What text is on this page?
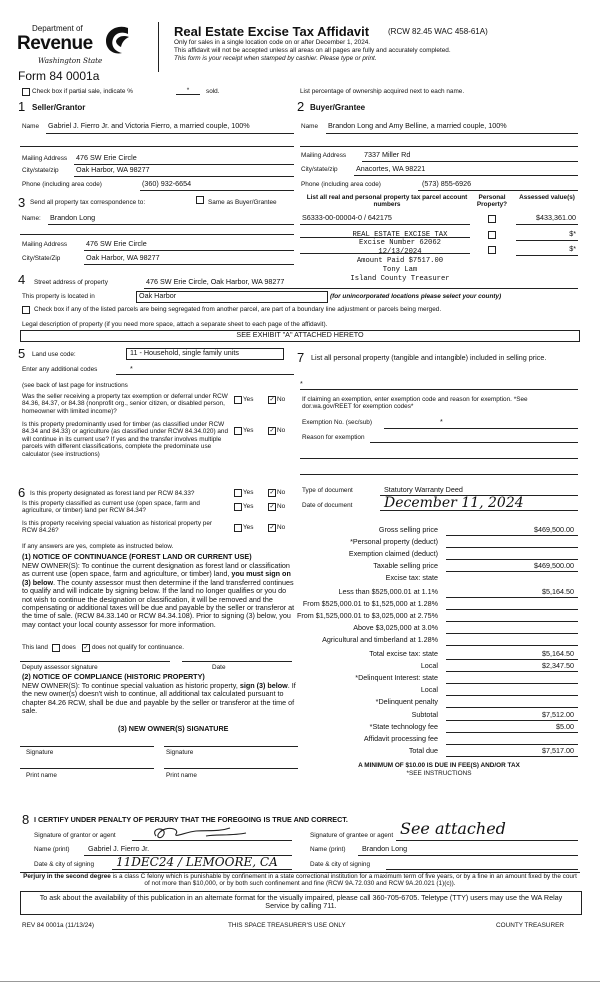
Department of
Revenue
Washington State
Form 84 0001a
Real Estate Excise Tax Affidavit (RCW 82.45 WAC 458-61A)
Only for sales in a single location code on or after December 1, 2024.
This affidavit will not be accepted unless all areas on all pages are fully and accurately completed.
This form is your receipt when stamped by cashier. Please type or print.
Check box if partial sale, indicate %	*	sold.	List percentage of ownership acquired next to each name.
1 Seller/Grantor
Name Gabriel J. Fierro Jr. and Victoria Fierro, a married couple, 100%
Mailing Address 476 SW Erie Circle
City/state/zip Oak Harbor, WA 98277
Phone (including area code)	(360) 932-6654
2 Buyer/Grantee
Name Brandon Long and Amy Belline, a married couple, 100%
Mailing Address 7337 Miller Rd
City/state/zip	Anacortes, WA 98221
Phone (including area code)	(573) 855-6926
3 Send all property tax correspondence to:	Same as Buyer/Grantee
Name: Brandon Long
Mailing Address	476 SW Erie Circle
City/State/Zip	Oak Harbor, WA 98277
List all real and personal property tax parcel account numbers
Personal Property?
Assessed value(s)
S6333-00-00004-0 / 642175	$433,361.00
$*
$*
REAL ESTATE EXCISE TAX
Excise Number 62062
12/13/2024
Amount Paid $7517.00
Tony Lam
Island County Treasurer
4 Street address of property	476 SW Erie Circle, Oak Harbor, WA 98277
This property is located in	Oak Harbor	(for unincorporated locations please select your county)
Check box if any of the listed parcels are being segregated from another parcel, are part of a boundary line adjustment or parcels being merged.
Legal description of property (if you need more space, attach a separate sheet to each page of the affidavit).
SEE EXHIBIT "A" ATTACHED HERETO
5 Land use code:	11 - Household, single family units
Enter any additional codes	*
(see back of last page for instructions
Was the seller receiving a property tax exemption or deferral under RCW 84.36, 84.37, or 84.38 (nonprofit org., senior citizen, or disabled person, homeowner with limited income)?
Yes	✓ No
Is this property predominantly used for timber (as classified under RCW 84.34 and 84.33) or agriculture (as classified under RCW 84.34.020) and will continue in its current use? If yes and the transfer involves multiple parcels with different classifications, complete the predominate use calculator (see instructions)
Yes	✓ No
7 List all personal property (tangible and intangible) included in selling price.
*
If claiming an exemption, enter exemption code and reason for exemption. *See dor.wa.gov/REET for exemption codes*
Exemption No. (sec/sub)	*
Reason for exemption
6 Is this property designated as forest land per RCW 84.33?	Yes	✓ No
Is this property classified as current use (open space, farm and agriculture, or timber) land per RCW 84.34?
Yes	✓ No
Is this property receiving special valuation as historical property per RCW 84.26?	Yes	✓ No
If any answers are yes, complete as instructed below.
(1) NOTICE OF CONTINUANCE (FOREST LAND OR CURRENT USE)
NEW OWNER(S): To continue the current designation as forest land or classification as current use (open space, farm and agriculture, or timber) land, you must sign on (3) below. The county assessor must then determine if the land transferred continues to qualify and will indicate by signing below. If the land no longer qualifies or you do not wish to continue the designation or classification, it will be removed and the compensating or additional taxes will be due and payable by the seller or transferor at the time of sale. (RCW 84.33.140 or RCW 84.34.108). Prior to signing (3) below, you may contact your local county assessor for more information.
This land does ✓ does not qualify for continuance.
Deputy assessor signature	Date
(2) NOTICE OF COMPLIANCE (HISTORIC PROPERTY)
NEW OWNER(S): To continue special valuation as historic property, sign (3) below. If the new owner(s) doesn't wish to continue, all additional tax calculated pursuant to chapter 84.26 RCW, shall be due and payable by the seller or transferor at the time of sale.
(3) NEW OWNER(S) SIGNATURE
Signature	Signature
Print name	Print name
Type of document	Statutory Warranty Deed
Date of document December 11, 2024
Gross selling price	$469,500.00
*Personal property (deduct)
Exemption claimed (deduct)
Taxable selling price	$469,500.00
Excise tax: state
Less than $525,000.01 at 1.1%	$5,164.50
From $525,000.01 to $1,525,000 at 1.28%
From $1,525,000.01 to $3,025,000 at 2.75%
Above $3,025,000 at 3.0%
Agricultural and timberland at 1.28%
Total excise tax: state	$5,164.50
Local	$2,347.50
*Delinquent Interest: state
Local
*Delinquent penalty
Subtotal	$7,512.00
*State technology fee	$5.00
Affidavit processing fee
Total due	$7,517.00
A MINIMUM OF $10.00 IS DUE IN FEE(S) AND/OR TAX
*SEE INSTRUCTIONS
8 I CERTIFY UNDER PENALTY OF PERJURY THAT THE FOREGOING IS TRUE AND CORRECT.
Signature of grantor or agent	Signature of grantee or agent See attached
Name (print)	Gabriel J. Fierro Jr.	Name (print) Brandon Long
Date & city of signing 11DEC24 / LEMOORE, CA	Date & city of signing
Perjury in the second degree is a class C felony which is punishable by confinement in a state correctional institution for a maximum term of five years, or by a fine in an amount fixed by the court of not more than $10,000, or by both such confinement and fine (RCW 9A.72.030 and RCW 9A.20.021 (1)(c)).
To ask about the availability of this publication in an alternate format for the visually impaired, please call 360-705-6705. Teletype (TTY) users may use the WA Relay Service by calling 711.
REV 84 0001a (11/13/24)	THIS SPACE TREASURER'S USE ONLY	COUNTY TREASURER
